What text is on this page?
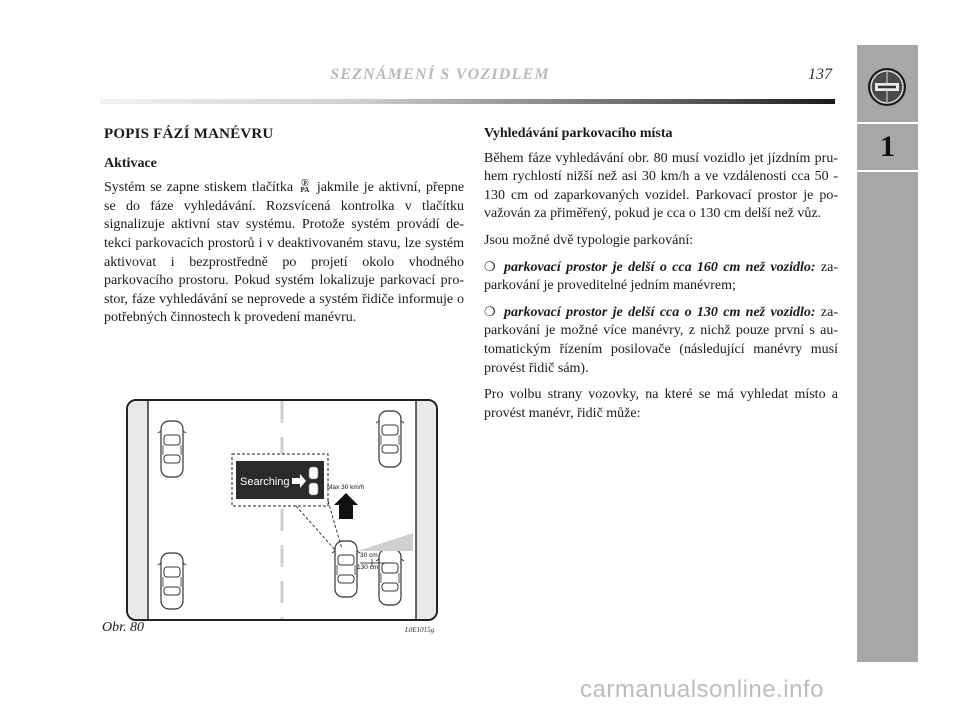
SEZNÁMENÍ S VOZIDLEM	137
1
POPIS FÁZÍ MANÉVRU
Aktivace

Systém se zapne stiskem tlačítka ⓟ
PA jakmile je aktivní, přepne se do fáze vyhledávání. Rozsvícená kontrolka v tlačítku signalizuje aktivní stav systému. Protože systém provádí detekci parkovacích prostorů i v deaktivovaném stavu, lze systém aktivovat i bezprostředně po projetí okolo vhodného parkovacího prostoru. Pokud systém lokalizuje parkovací prostor, fáze vyhledávání se neprovede a systém řidiče informuje o potřebných činnostech k provedení manévru.

Vyhledávání parkovacího místa

Během fáze vyhledávání obr. 80 musí vozidlo jet jízdním pruhem rychlostí nižší než asi 30 km/h a ve vzdálenosti cca 50 - 130 cm od zaparkovaných vozidel. Parkovací prostor je považován za přiměřený, pokud je cca o 130 cm delší než vůz.

Jsou možné dvě typologie parkování:

❍ parkovací prostor je delší o cca 160 cm než vozidlo: zaparkování je proveditelné jedním manévrem;

❍ parkovací prostor je delší cca o 130 cm než vozidlo: zaparkování je možné více manévry, z nichž pouze první s automatickým řízením posilovače (následující manévry musí provést řidič sám).

Pro volbu strany vozovky, na které se má vyhledat místo a provést manévr, řidič může:

Searching	Max 30 km/h
30 cm
130 cm
Obr. 80	L0E1015g
carmanualsonline.info
